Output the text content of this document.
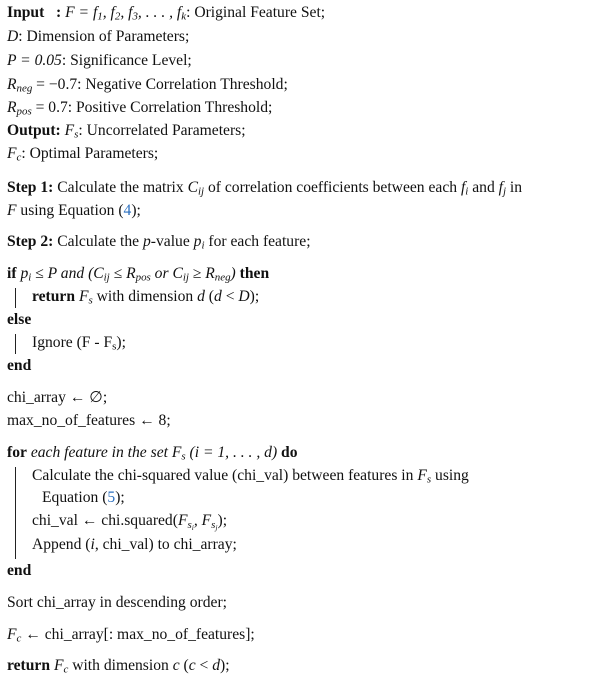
Input   : $F = f_1$, $f_2$, $f_3$, . . . , $f_k$: Original Feature Set;
D: Dimension of Parameters;
P = 0.05: Significance Level;
$R_{neg} = -0.7$: Negative Correlation Threshold;
$R_{pos} = 0.7$: Positive Correlation Threshold;
Output: $F_s$: Uncorrelated Parameters;
$F_c$: Optimal Parameters;
Step 1: Calculate the matrix $C_{ij}$ of correlation coefficients between each $f_i$ and $f_j$ in
F using Equation (4);
Step 2: Calculate the p-value $p_i$ for each feature;
if $p_i \le P$ and ($C_{ij} \le R_{pos}$ or $C_{ij} \ge R_{neg}$) then
return $F_s$ with dimension d (d < D);
else
Ignore $(F - F_s)$;
end
chi_array ← ∅;
max_no_of_features ← 8;
for each feature in the set $F_s$ (i = 1, . . . , d) do
Calculate the chi-squared value (chi_val) between features in $F_s$ using
Equation (5);
chi_val ← $chi.squared(F_{s_i}$, $F_{s_j}$);
Append (i, chi_val) to chi_array;
end
Sort chi_array in descending order;
$F_c$ ← chi_array[: max_no_of_features];
return $F_c$ with dimension c (c < d);
